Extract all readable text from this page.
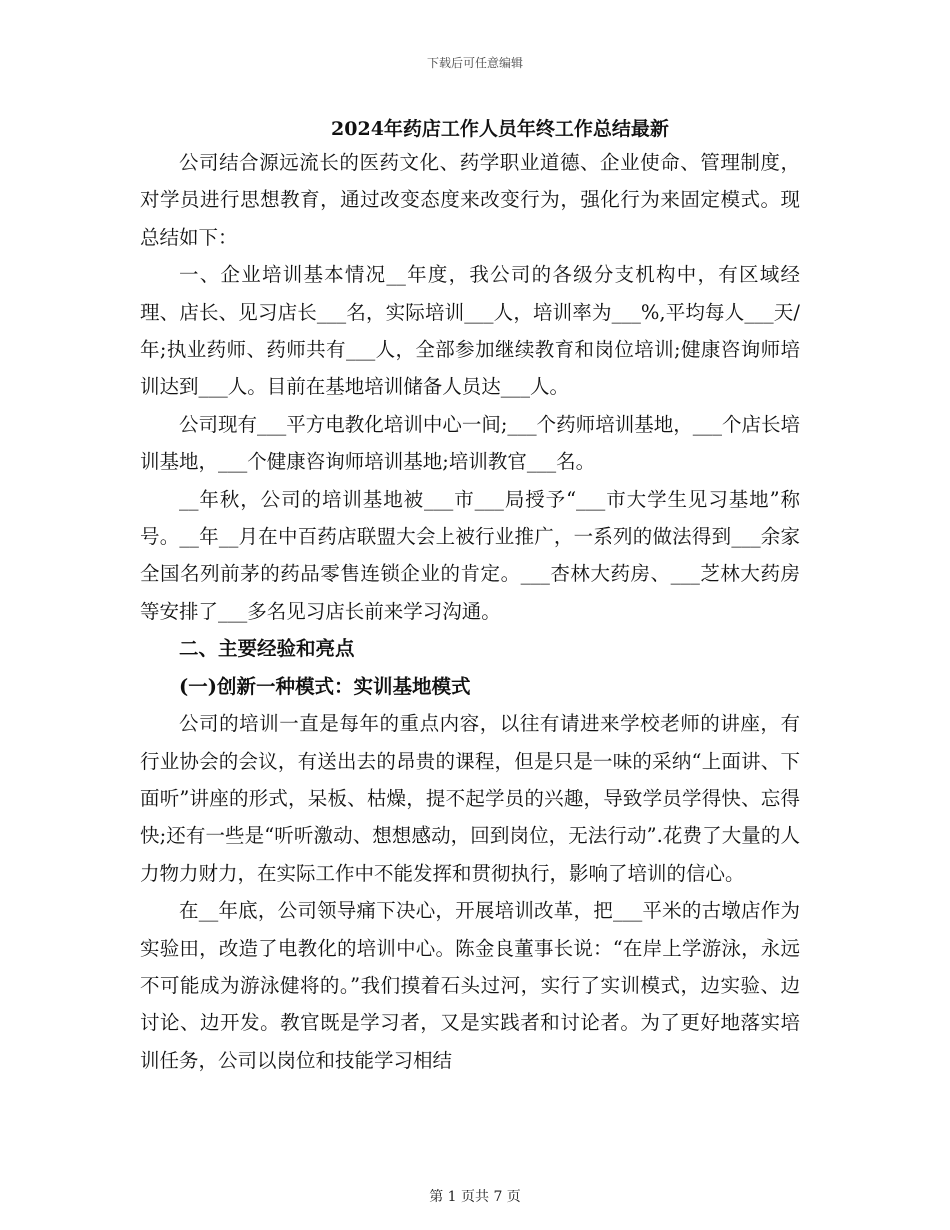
下载后可任意编辑
2024年药店工作人员年终工作总结最新

公司结合源远流长的医药文化、药学职业道德、企业使命、管理制度，对学员进行思想教育，通过改变态度来改变行为，强化行为来固定模式。现总结如下：

一、企业培训基本情况__年度，我公司的各级分支机构中，有区域经理、店长、见习店长___名，实际培训___人，培训率为___%,平均每人___天/年;执业药师、药师共有___人，全部参加继续教育和岗位培训;健康咨询师培训达到___人。目前在基地培训储备人员达___人。

公司现有___平方电教化培训中心一间;___个药师培训基地，___个店长培训基地，___个健康咨询师培训基地;培训教官___名。

__年秋，公司的培训基地被___市___局授予“___市大学生见习基地”称号。__年__月在中百药店联盟大会上被行业推广，一系列的做法得到___余家全国名列前茅的药品零售连锁企业的肯定。___杏林大药房、___芝林大药房等安排了___多名见习店长前来学习沟通。

二、主要经验和亮点

(一)创新一种模式：实训基地模式

公司的培训一直是每年的重点内容，以往有请进来学校老师的讲座，有行业协会的会议，有送出去的昂贵的课程，但是只是一味的采纳“上面讲、下面听”讲座的形式，呆板、枯燥，提不起学员的兴趣，导致学员学得快、忘得快;还有一些是“听听激动、想想感动，回到岗位，无法行动”.花费了大量的人力物力财力，在实际工作中不能发挥和贯彻执行，影响了培训的信心。

在__年底，公司领导痛下决心，开展培训改革，把___平米的古墩店作为实验田，改造了电教化的培训中心。陈金良董事长说：“在岸上学游泳，永远不可能成为游泳健将的。”我们摸着石头过河，实行了实训模式，边实验、边讨论、边开发。教官既是学习者，又是实践者和讨论者。为了更好地落实培训任务，公司以岗位和技能学习相结

第 1 页共 7 页
